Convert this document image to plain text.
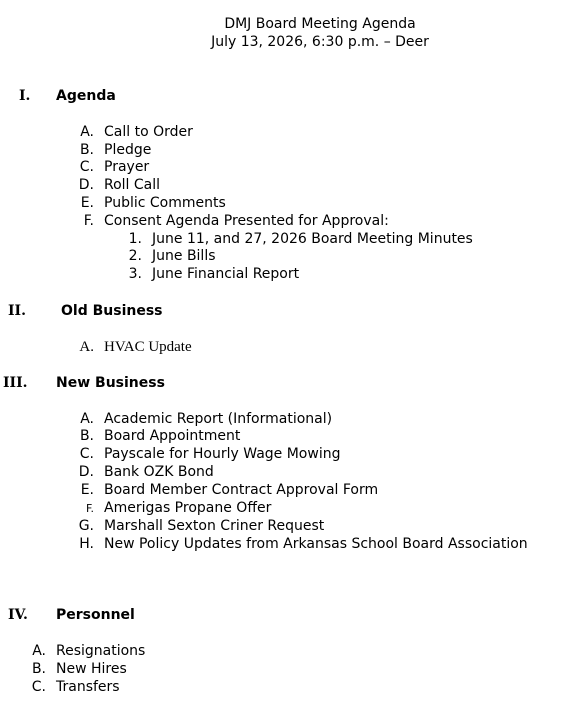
DMJ Board Meeting Agenda
July 13, 2026, 6:30 p.m. – Deer
I. Agenda
A. Call to Order
B. Pledge
C. Prayer
D. Roll Call
E. Public Comments
F. Consent Agenda Presented for Approval:
1. June 11, and 27, 2026 Board Meeting Minutes
2. June Bills
3. June Financial Report
II.	Old Business
A. HVAC Update
III. New Business
A. Academic Report (Informational)
B. Board Appointment
C. Payscale for Hourly Wage Mowing
D. Bank OZK Bond
E. Board Member Contract Approval Form
F. Amerigas Propane Offer
G. Marshall Sexton Criner Request
H. New Policy Updates from Arkansas School Board Association
IV. Personnel
A. Resignations
B. New Hires
C. Transfers
